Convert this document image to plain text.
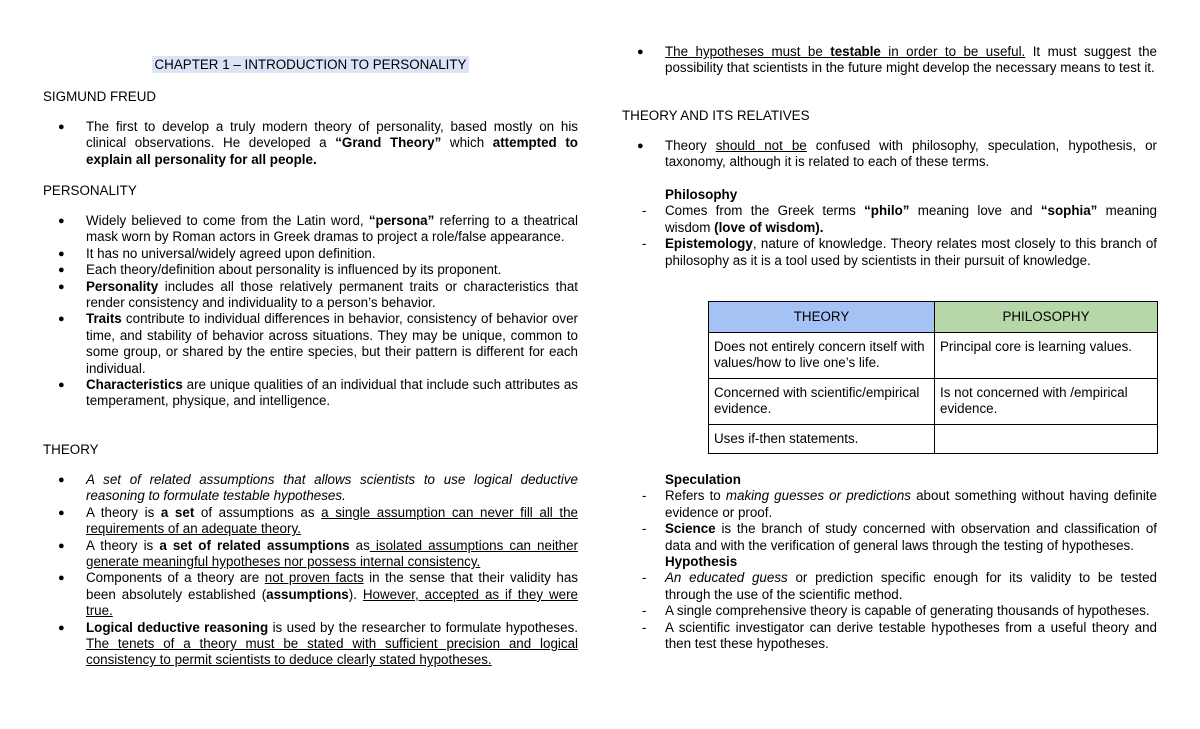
CHAPTER 1 – INTRODUCTION TO PERSONALITY
SIGMUND FREUD
● The first to develop a truly modern theory of personality, based mostly on his clinical observations. He developed a “Grand Theory” which attempted to explain all personality for all people.
PERSONALITY
● Widely believed to come from the Latin word, “persona” referring to a theatrical mask worn by Roman actors in Greek dramas to project a role/false appearance.
● It has no universal/widely agreed upon definition.
● Each theory/definition about personality is influenced by its proponent.
● Personality includes all those relatively permanent traits or characteristics that render consistency and individuality to a person’s behavior.
● Traits contribute to individual differences in behavior, consistency of behavior over time, and stability of behavior across situations. They may be unique, common to some group, or shared by the entire species, but their pattern is different for each individual.
● Characteristics are unique qualities of an individual that include such attributes as temperament, physique, and intelligence.
THEORY
● A set of related assumptions that allows scientists to use logical deductive reasoning to formulate testable hypotheses.
● A theory is a set of assumptions as a single assumption can never fill all the requirements of an adequate theory.
● A theory is a set of related assumptions as isolated assumptions can neither generate meaningful hypotheses nor possess internal consistency.
● Components of a theory are not proven facts in the sense that their validity has been absolutely established (assumptions). However, accepted as if they were true.
● Logical deductive reasoning is used by the researcher to formulate hypotheses. The tenets of a theory must be stated with sufficient precision and logical consistency to permit scientists to deduce clearly stated hypotheses.
● The hypotheses must be testable in order to be useful. It must suggest the possibility that scientists in the future might develop the necessary means to test it.
THEORY AND ITS RELATIVES
● Theory should not be confused with philosophy, speculation, hypothesis, or taxonomy, although it is related to each of these terms.
Philosophy
- Comes from the Greek terms “philo” meaning love and “sophia” meaning wisdom (love of wisdom).
- Epistemology, nature of knowledge. Theory relates most closely to this branch of philosophy as it is a tool used by scientists in their pursuit of knowledge.
THEORY	PHILOSOPHY
Does not entirely concern itself with values/how to live one’s life.	Principal core is learning values.
Concerned with scientific/empirical evidence.	Is not concerned with /empirical evidence.
Uses if-then statements.	
Speculation
- Refers to making guesses or predictions about something without having definite evidence or proof.
- Science is the branch of study concerned with observation and classification of data and with the verification of general laws through the testing of hypotheses.
Hypothesis
- An educated guess or prediction specific enough for its validity to be tested through the use of the scientific method.
- A single comprehensive theory is capable of generating thousands of hypotheses.
- A scientific investigator can derive testable hypotheses from a useful theory and then test these hypotheses.
